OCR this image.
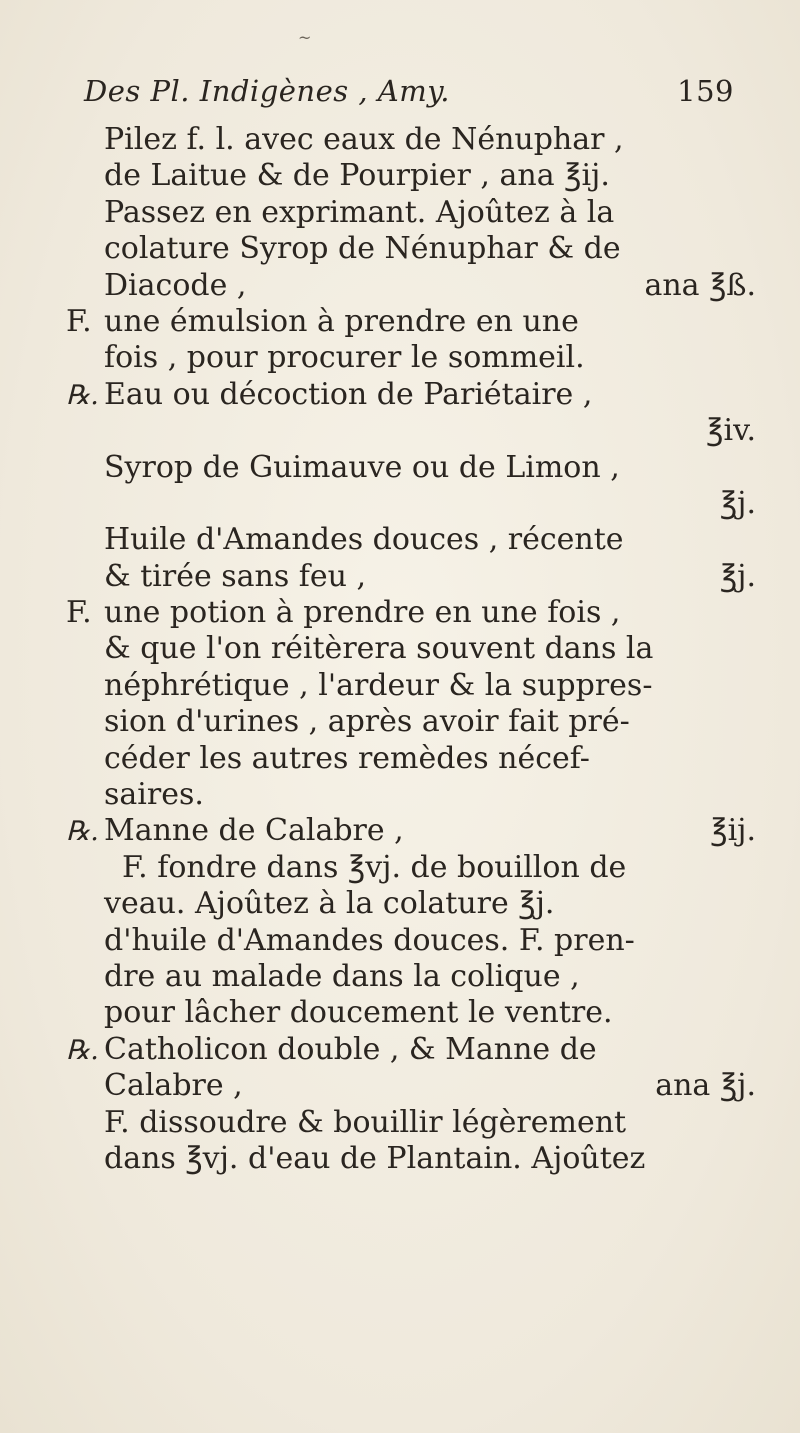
~
Des Pl. Indigènes , Amy.	159
Pilez f. l. avec eaux de Nénuphar ,
de Laitue & de Pourpier , ana ℥ij.
Passez en exprimant. Ajoûtez à la
colature Syrop de Nénuphar & de
Diacode ,	ana ℥ß.
F. une émulsion à prendre en une
fois , pour procurer le sommeil.
℞. Eau ou décoction de Pariétaire ,
℥iv.
Syrop de Guimauve ou de Limon ,
℥j.
Huile d'Amandes douces , récente
& tirée sans feu ,	℥j.
F. une potion à prendre en une fois ,
& que l'on réitèrera souvent dans la
néphrétique , l'ardeur & la suppres-
sion d'urines , après avoir fait pré-
céder les autres remèdes nécef-
saires.
℞. Manne de Calabre ,	℥ij.
F. fondre dans ℥vj. de bouillon de
veau. Ajoûtez à la colature ℥j.
d'huile d'Amandes douces. F. pren-
dre au malade dans la colique ,
pour lâcher doucement le ventre.
℞. Catholicon double , & Manne de
Calabre ,	ana ℥j.
F. dissoudre & bouillir légèrement
dans ℥vj. d'eau de Plantain. Ajoûtez
